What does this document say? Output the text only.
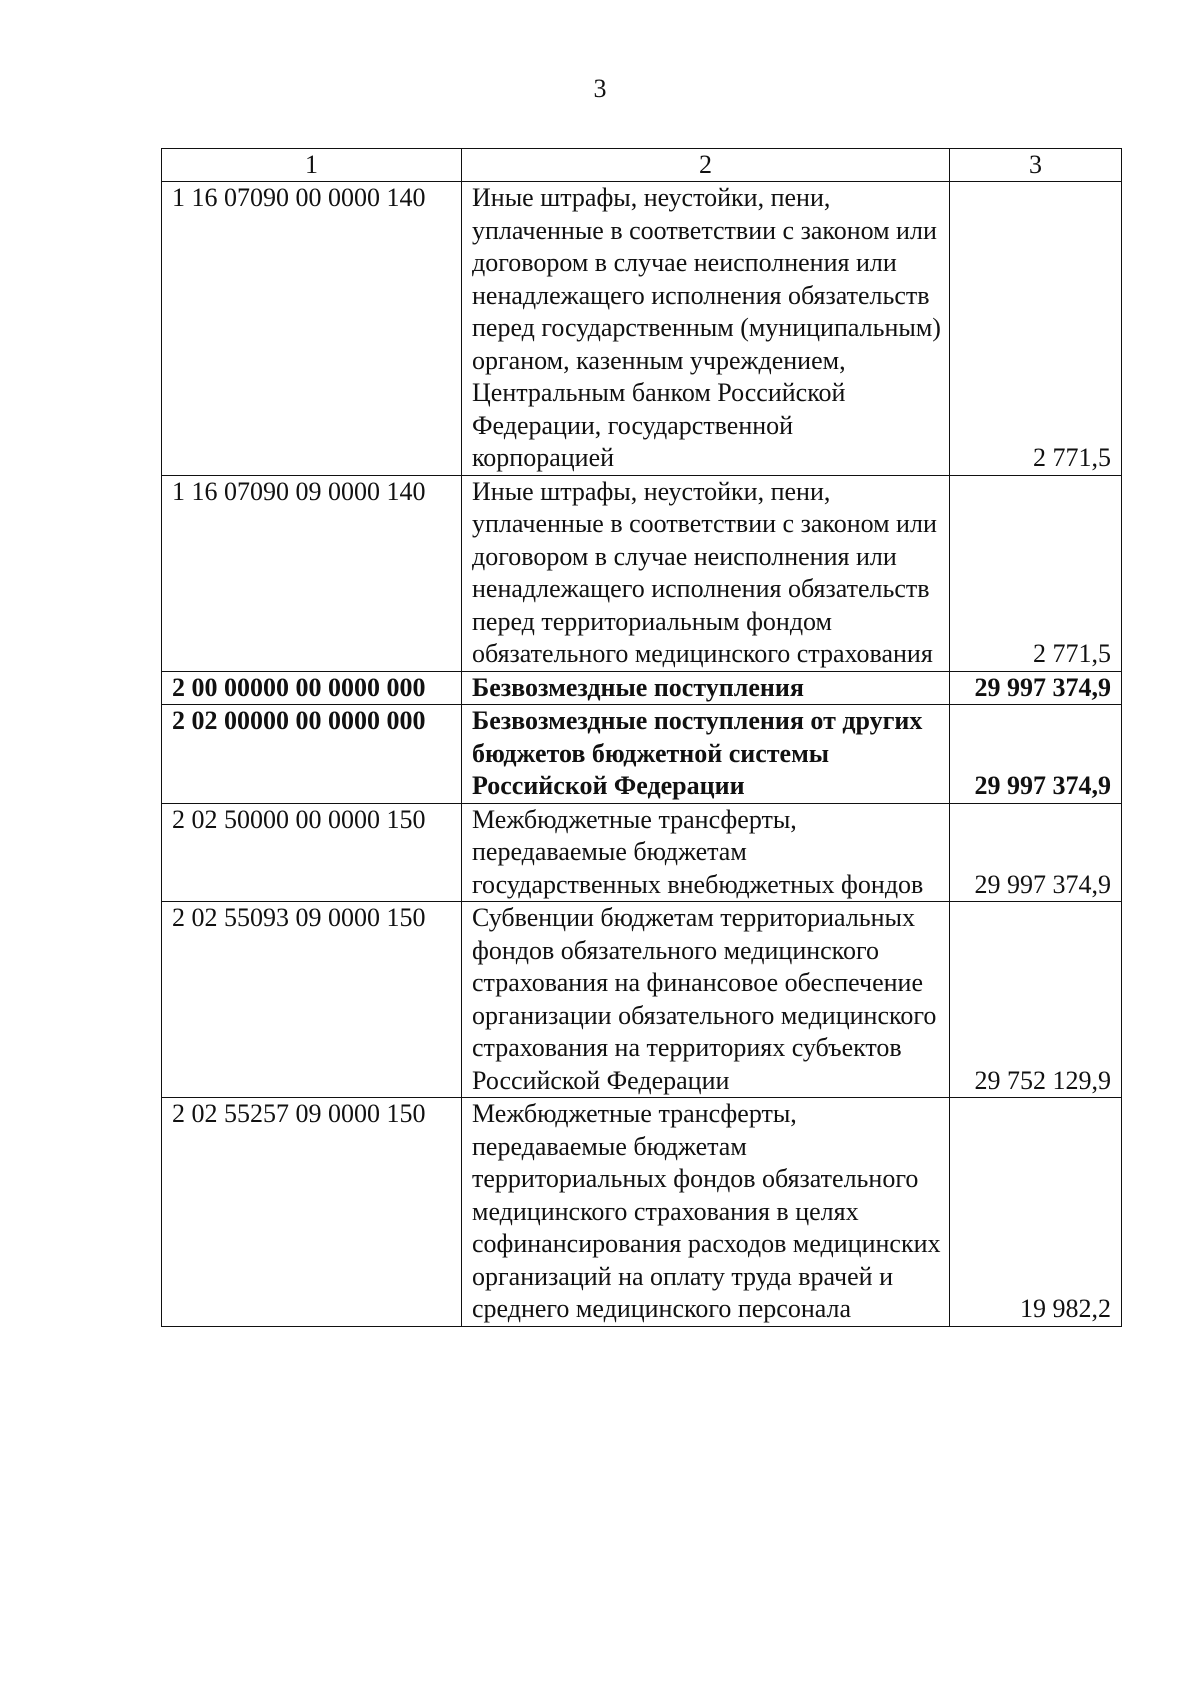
3
1	2	3
1 16 07090 00 0000 140	Иные штрафы, неустойки, пени, уплаченные в соответствии с законом или договором в случае неисполнения или ненадлежащего исполнения обязательств перед государственным (муниципальным) органом, казенным учреждением, Центральным банком Российской Федерации, государственной корпорацией	2 771,5
1 16 07090 09 0000 140	Иные штрафы, неустойки, пени, уплаченные в соответствии с законом или договором в случае неисполнения или ненадлежащего исполнения обязательств перед территориальным фондом обязательного медицинского страхования	2 771,5
2 00 00000 00 0000 000	Безвозмездные поступления	29 997 374,9
2 02 00000 00 0000 000	Безвозмездные поступления от других бюджетов бюджетной системы Российской Федерации	29 997 374,9
2 02 50000 00 0000 150	Межбюджетные трансферты, передаваемые бюджетам государственных внебюджетных фондов	29 997 374,9
2 02 55093 09 0000 150	Субвенции бюджетам территориальных фондов обязательного медицинского страхования на финансовое обеспечение организации обязательного медицинского страхования на территориях субъектов Российской Федерации	29 752 129,9
2 02 55257 09 0000 150	Межбюджетные трансферты, передаваемые бюджетам территориальных фондов обязательного медицинского страхования в целях софинансирования расходов медицинских организаций на оплату труда врачей и среднего медицинского персонала	19 982,2
